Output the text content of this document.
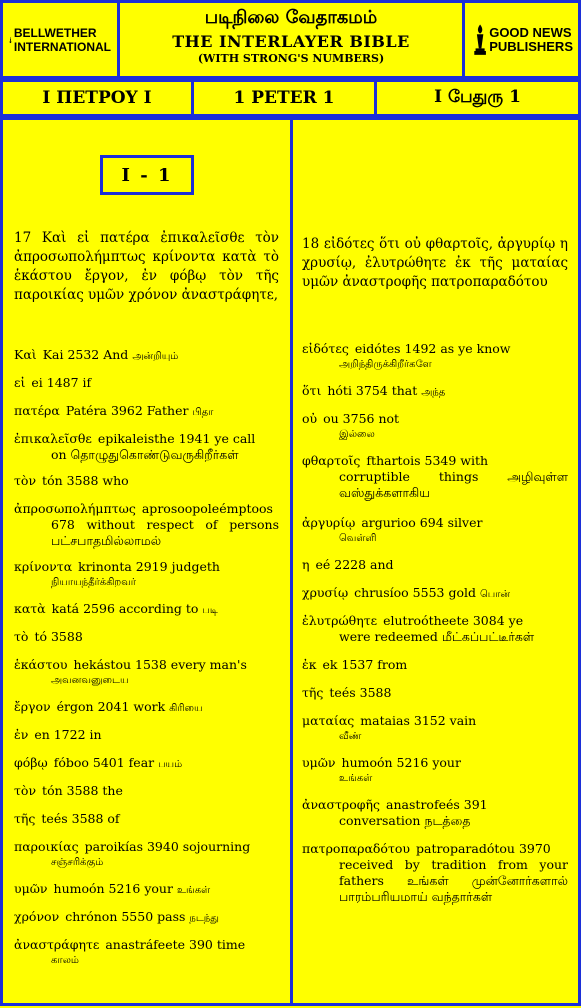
BELLWETHER
INTERNATIONAL
படிநிலை வேதாகமம்
THE INTERLAYER BIBLE
(WITH STRONG'S NUMBERS)
GOOD NEWS
PUBLISHERS
Ι ΠΕΤΡΟΥ Ι	1 PETER 1	I பேதுரு 1
I - 1
17 Καὶ εἰ πατέρα ἐπικαλεῖσθε τὸν ἀπροσωπολήμπτως κρίνοντα κατὰ τὸ ἑκάστου ἔργον, ἐν φόβῳ τὸν τῆς παροικίας υμῶν χρόνον ἀναστράφητε,
Καὶ Kai 2532 And அன்றியும்
εἰ ei 1487 if
πατέρα Patéra 3962 Father பிதா
ἐπικαλεῖσθε epikaleisthe 1941 ye call
on தொழுதுகொண்டுவருகிறீர்கள்
τὸν tón 3588 who
ἀπροσωπολήμπτως aprosoopoleémptoos
678 without respect of persons பட்சபாதமில்லாமல்
κρίνοντα krinonta 2919 judgeth
நியாயந்தீர்க்கிறவர்
κατὰ katá 2596 according to படி
τὸ tó 3588
ἑκάστου hekástou 1538 every man's
அவனவனுடைய
ἔργον érgon 2041 work கிரியை
ἐν en 1722 in
φόβῳ fóboo 5401 fear பயம்
τὸν tón 3588 the
τῆς teés 3588 of
παροικίας paroikías 3940 sojourning
சஞ்சரிக்கும்
υμῶν humoón 5216 your உங்கள்
χρόνον chrónon 5550 pass நடந்து
ἀναστράφητε anastráfeete 390 time
காலம்
18 εἰδότες ὅτι οὐ φθαρτοῖς, ἀργυρίῳ η χρυσίῳ, ἐλυτρώθητε ἐκ τῆς ματαίας υμῶν ἀναστροφῆς πατροπαραδότου
εἰδότες eidótes 1492 as ye know
அறிந்திருக்கிறீர்களே
ὅτι hóti 3754 that அந்த
οὐ ou 3756 not
இல்லை
φθαρτοῖς fthartois 5349 with
corruptible things அழிவுள்ள வஸ்துக்களாகிய
ἀργυρίῳ argurioo 694 silver
வெள்ளி
η eé 2228 and
χρυσίῳ chrusíoo 5553 gold பொன்
ἐλυτρώθητε elutroótheete 3084 ye
were redeemed மீட்கப்பட்டீர்கள்
ἐκ ek 1537 from
τῆς teés 3588
ματαίας mataias 3152 vain
வீண்
υμῶν humoón 5216 your
உங்கள்
ἀναστροφῆς anastrofeés 391
conversation நடத்தை
πατροπαραδότου patroparadótou 3970
received by tradition from your fathers உங்கள் முன்னோர்களால் பாரம்பரியமாய் வந்தார்கள்
